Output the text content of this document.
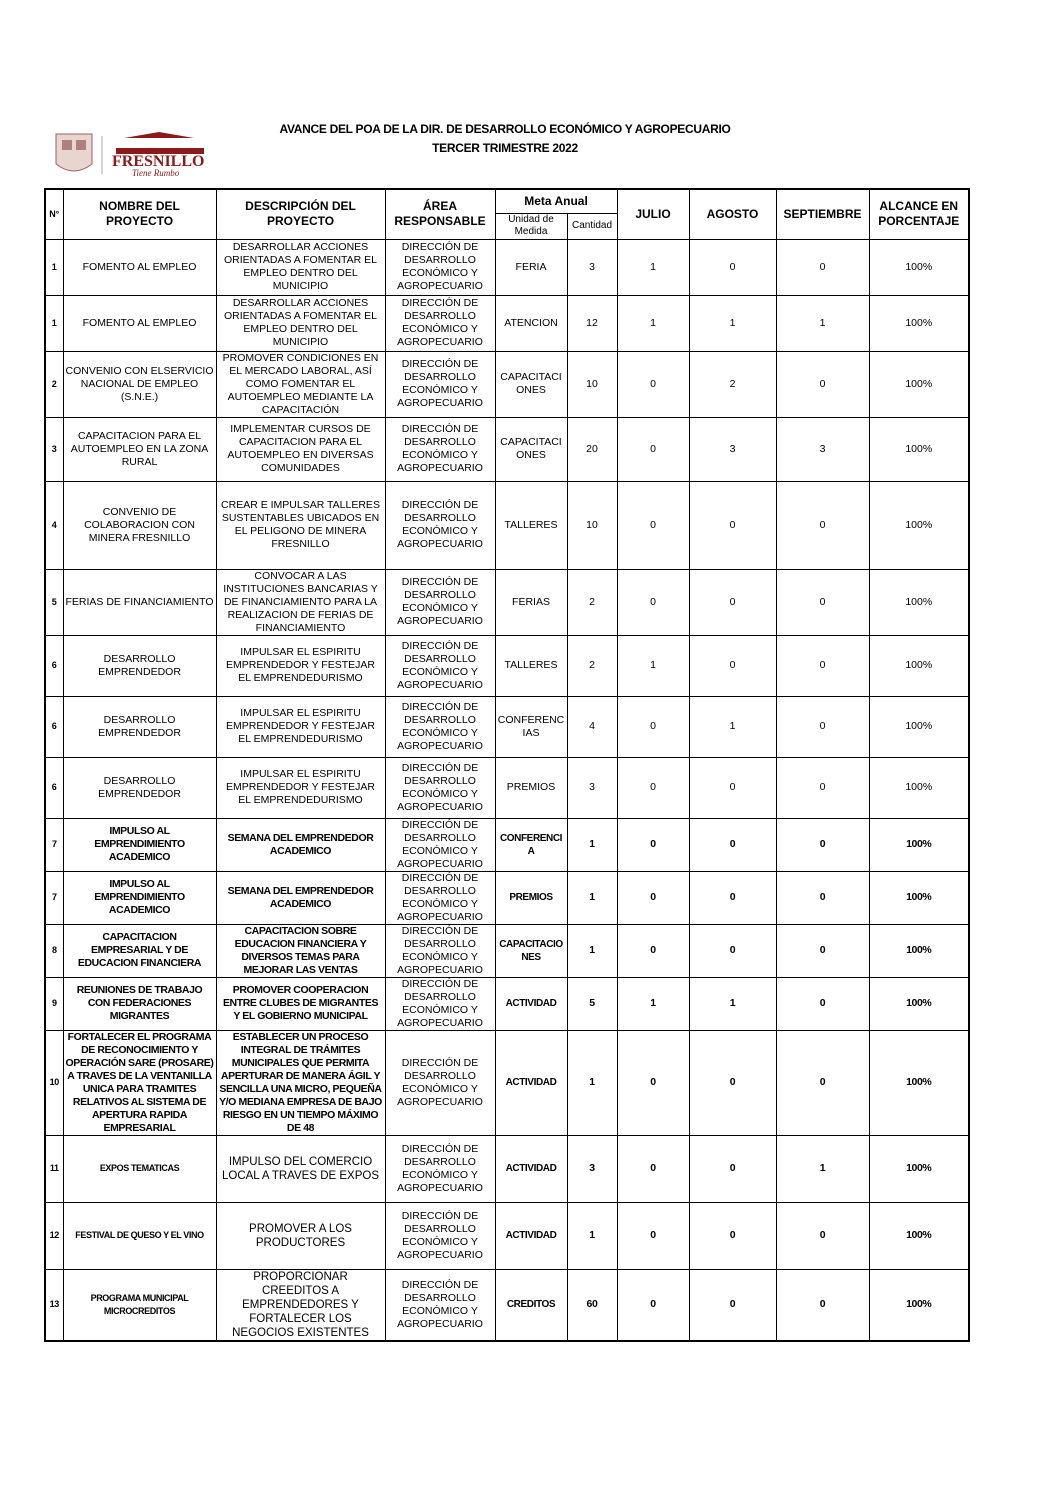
FRESNILLO
Tiene Rumbo
AVANCE DEL POA DE LA DIR. DE DESARROLLO ECONÓMICO Y AGROPECUARIO
TERCER TRIMESTRE 2022
N°	NOMBRE DEL PROYECTO	DESCRIPCIÓN DEL PROYECTO	ÁREA RESPONSABLE	Meta Anual		JULIO	AGOSTO	SEPTIEMBRE	ALCANCE EN PORCENTAJE
				Unidad de Medida	Cantidad				
1	FOMENTO AL EMPLEO	DESARROLLAR ACCIONES ORIENTADAS A FOMENTAR EL EMPLEO DENTRO DEL MUNICIPIO	DIRECCIÓN DE DESARROLLO ECONÓMICO Y AGROPECUARIO	FERIA	3	1	0	0	100%
1	FOMENTO AL EMPLEO	DESARROLLAR ACCIONES ORIENTADAS A FOMENTAR EL EMPLEO DENTRO DEL MUNICIPIO	DIRECCIÓN DE DESARROLLO ECONÓMICO Y AGROPECUARIO	ATENCION	12	1	1	1	100%
2	CONVENIO CON ELSERVICIO NACIONAL DE EMPLEO (S.N.E.)	PROMOVER CONDICIONES EN EL MERCADO LABORAL, ASÍ COMO FOMENTAR EL AUTOEMPLEO MEDIANTE LA CAPACITACIÓN	DIRECCIÓN DE DESARROLLO ECONÓMICO Y AGROPECUARIO	CAPACITACIONES	10	0	2	0	100%
3	CAPACITACION PARA EL AUTOEMPLEO EN LA ZONA RURAL	IMPLEMENTAR CURSOS DE CAPACITACION PARA EL AUTOEMPLEO EN DIVERSAS COMUNIDADES	DIRECCIÓN DE DESARROLLO ECONÓMICO Y AGROPECUARIO	CAPACITACIONES	20	0	3	3	100%
4	CONVENIO DE COLABORACION CON MINERA FRESNILLO	CREAR E IMPULSAR TALLERES SUSTENTABLES UBICADOS EN EL PELIGONO DE MINERA FRESNILLO	DIRECCIÓN DE DESARROLLO ECONÓMICO Y AGROPECUARIO	TALLERES	10	0	0	0	100%
5	FERIAS DE FINANCIAMIENTO	CONVOCAR A LAS INSTITUCIONES BANCARIAS Y DE FINANCIAMIENTO PARA LA REALIZACION DE FERIAS DE FINANCIAMIENTO	DIRECCIÓN DE DESARROLLO ECONÓMICO Y AGROPECUARIO	FERIAS	2	0	0	0	100%
6	DESARROLLO EMPRENDEDOR	IMPULSAR EL ESPIRITU EMPRENDEDOR Y FESTEJAR EL EMPRENDEDURISMO	DIRECCIÓN DE DESARROLLO ECONÓMICO Y AGROPECUARIO	TALLERES	2	1	0	0	100%
6	DESARROLLO EMPRENDEDOR	IMPULSAR EL ESPIRITU EMPRENDEDOR Y FESTEJAR EL EMPRENDEDURISMO	DIRECCIÓN DE DESARROLLO ECONÓMICO Y AGROPECUARIO	CONFERENCIAS	4	0	1	0	100%
6	DESARROLLO EMPRENDEDOR	IMPULSAR EL ESPIRITU EMPRENDEDOR Y FESTEJAR EL EMPRENDEDURISMO	DIRECCIÓN DE DESARROLLO ECONÓMICO Y AGROPECUARIO	PREMIOS	3	0	0	0	100%
7	IMPULSO AL EMPRENDIMIENTO ACADEMICO	SEMANA DEL EMPRENDEDOR ACADEMICO	DIRECCIÓN DE DESARROLLO ECONÓMICO Y AGROPECUARIO	CONFERENCIA	1	0	0	0	100%
7	IMPULSO AL EMPRENDIMIENTO ACADEMICO	SEMANA DEL EMPRENDEDOR ACADEMICO	DIRECCIÓN DE DESARROLLO ECONÓMICO Y AGROPECUARIO	PREMIOS	1	0	0	0	100%
8	CAPACITACION EMPRESARIAL Y DE EDUCACION FINANCIERA	CAPACITACION SOBRE EDUCACION FINANCIERA Y DIVERSOS TEMAS PARA MEJORAR LAS VENTAS	DIRECCIÓN DE DESARROLLO ECONÓMICO Y AGROPECUARIO	CAPACITACIONES	1	0	0	0	100%
9	REUNIONES DE TRABAJO CON FEDERACIONES MIGRANTES	PROMOVER COOPERACION ENTRE CLUBES DE MIGRANTES Y EL GOBIERNO MUNICIPAL	DIRECCIÓN DE DESARROLLO ECONÓMICO Y AGROPECUARIO	ACTIVIDAD	5	1	1	0	100%
10	FORTALECER EL PROGRAMA DE RECONOCIMIENTO Y OPERACIÓN SARE (PROSARE) A TRAVES DE LA VENTANILLA UNICA PARA TRAMITES RELATIVOS AL SISTEMA DE APERTURA RAPIDA EMPRESARIAL	ESTABLECER UN PROCESO INTEGRAL DE TRÁMITES MUNICIPALES QUE PERMITA APERTURAR DE MANERA ÁGIL Y SENCILLA UNA MICRO, PEQUEÑA Y/O MEDIANA EMPRESA DE BAJO RIESGO EN UN TIEMPO MÁXIMO DE 48	DIRECCIÓN DE DESARROLLO ECONÓMICO Y AGROPECUARIO	ACTIVIDAD	1	0	0	0	100%
11	EXPOS TEMATICAS	IMPULSO DEL COMERCIO LOCAL A TRAVES DE EXPOS	DIRECCIÓN DE DESARROLLO ECONÓMICO Y AGROPECUARIO	ACTIVIDAD	3	0	0	1	100%
12	FESTIVAL DE QUESO Y EL VINO	PROMOVER A LOS PRODUCTORES	DIRECCIÓN DE DESARROLLO ECONÓMICO Y AGROPECUARIO	ACTIVIDAD	1	0	0	0	100%
13	PROGRAMA MUNICIPAL MICROCREDITOS	PROPORCIONAR CREEDITOS A EMPRENDEDORES Y FORTALECER LOS NEGOCIOS EXISTENTES	DIRECCIÓN DE DESARROLLO ECONÓMICO Y AGROPECUARIO	CREDITOS	60	0	0	0	100%
